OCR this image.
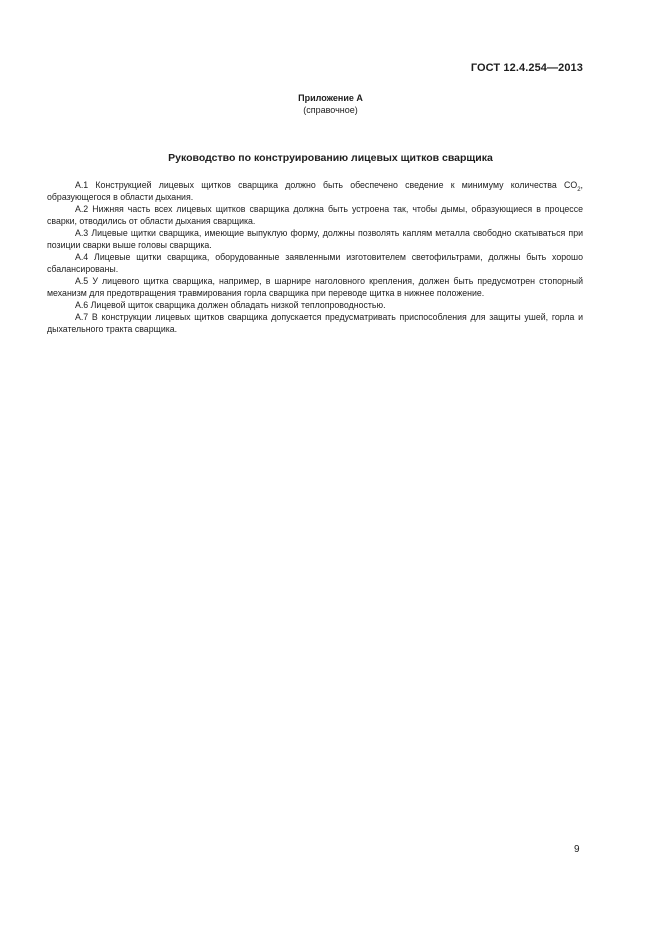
ГОСТ 12.4.254—2013
Приложение А
(справочное)
Руководство по конструированию лицевых щитков сварщика

А.1 Конструкцией лицевых щитков сварщика должно быть обеспечено сведение к минимуму количества $CO_2$, образующегося в области дыхания.

А.2 Нижняя часть всех лицевых щитков сварщика должна быть устроена так, чтобы дымы, образующиеся в процессе сварки, отводились от области дыхания сварщика.

А.3 Лицевые щитки сварщика, имеющие выпуклую форму, должны позволять каплям металла свободно скатываться при позиции сварки выше головы сварщика.

А.4 Лицевые щитки сварщика, оборудованные заявленными изготовителем светофильтрами, должны быть хорошо сбалансированы.

А.5 У лицевого щитка сварщика, например, в шарнире наголовного крепления, должен быть предусмотрен стопорный механизм для предотвращения травмирования горла сварщика при переводе щитка в нижнее положение.

А.6 Лицевой щиток сварщика должен обладать низкой теплопроводностью.

А.7 В конструкции лицевых щитков сварщика допускается предусматривать приспособления для защиты ушей, горла и дыхательного тракта сварщика.

9
